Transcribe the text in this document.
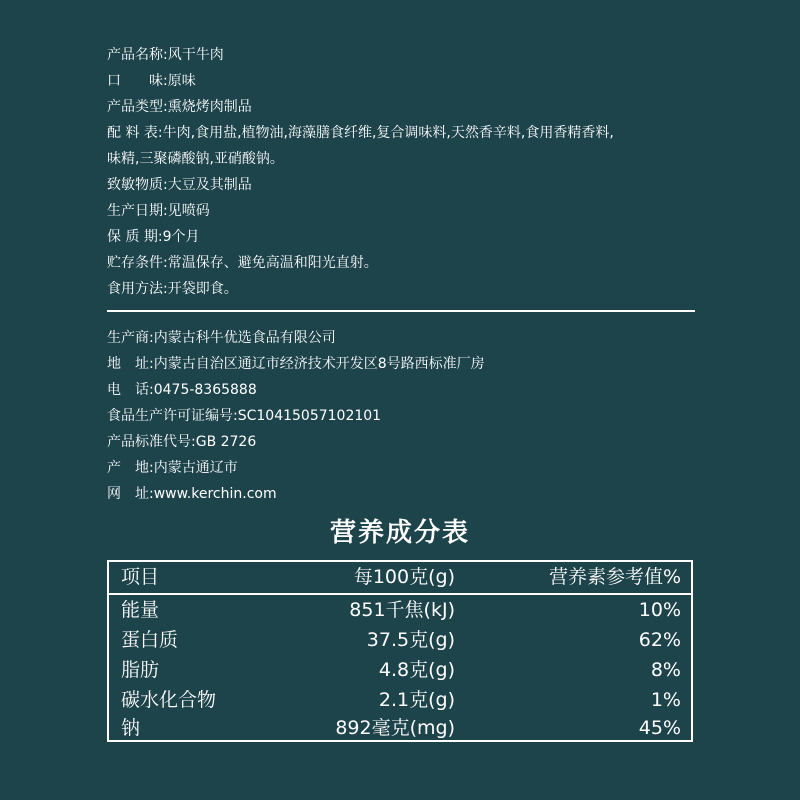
产品名称:风干牛肉
口　　味:原味
产品类型:熏烧烤肉制品
配 料 表:牛肉,食用盐,植物油,海藻膳食纤维,复合调味料,天然香辛料,食用香精香料,
味精,三聚磷酸钠,亚硝酸钠。
致敏物质:大豆及其制品
生产日期:见喷码
保 质 期:9个月
贮存条件:常温保存、避免高温和阳光直射。
食用方法:开袋即食。
生产商:内蒙古科牛优选食品有限公司
地　址:内蒙古自治区通辽市经济技术开发区8号路西标准厂房
电　话:0475-8365888
食品生产许可证编号:SC10415057102101
产品标准代号:GB 2726
产　地:内蒙古通辽市
网　址:www.kerchin.com
营养成分表
项目	每100克(g)	营养素参考值%
能量	851千焦(kJ)	10%
蛋白质	37.5克(g)	62%
脂肪	4.8克(g)	8%
碳水化合物	2.1克(g)	1%
钠	892毫克(mg)	45%
